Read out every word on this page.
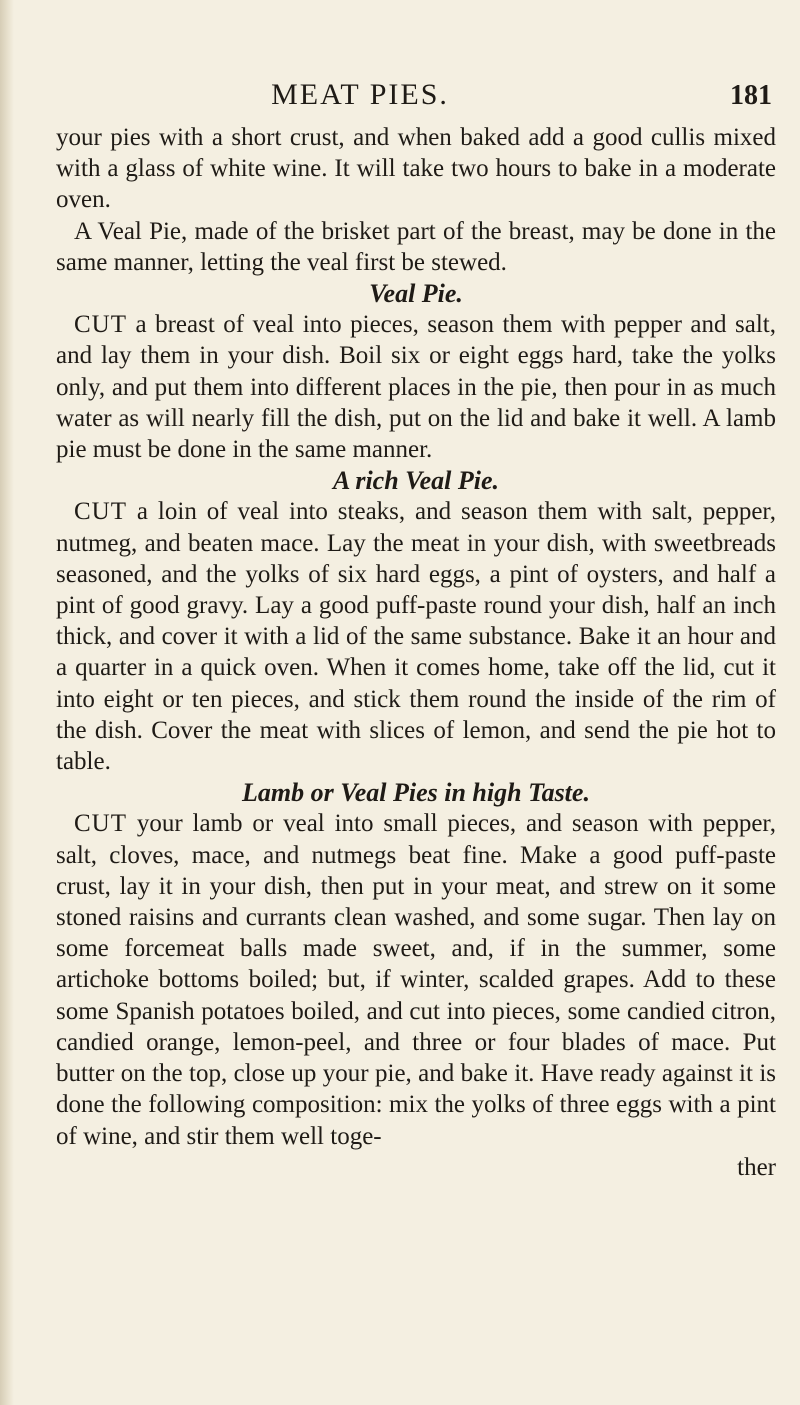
MEAT PIES.	181

your pies with a short crust, and when baked add a good cullis mixed with a glass of white wine. It will take two hours to bake in a moderate oven.

A Veal Pie, made of the brisket part of the breast, may be done in the same manner, letting the veal first be stewed.

Veal Pie.

CUT a breast of veal into pieces, season them with pepper and salt, and lay them in your dish. Boil six or eight eggs hard, take the yolks only, and put them into different places in the pie, then pour in as much water as will nearly fill the dish, put on the lid and bake it well. A lamb pie must be done in the same manner.

A rich Veal Pie.

CUT a loin of veal into steaks, and season them with salt, pepper, nutmeg, and beaten mace. Lay the meat in your dish, with sweetbreads seasoned, and the yolks of six hard eggs, a pint of oysters, and half a pint of good gravy. Lay a good puff-paste round your dish, half an inch thick, and cover it with a lid of the same substance. Bake it an hour and a quarter in a quick oven. When it comes home, take off the lid, cut it into eight or ten pieces, and stick them round the inside of the rim of the dish. Cover the meat with slices of lemon, and send the pie hot to table.

Lamb or Veal Pies in high Taste.

CUT your lamb or veal into small pieces, and season with pepper, salt, cloves, mace, and nutmegs beat fine. Make a good puff-paste crust, lay it in your dish, then put in your meat, and strew on it some stoned raisins and currants clean washed, and some sugar. Then lay on some forcemeat balls made sweet, and, if in the summer, some artichoke bottoms boiled; but, if winter, scalded grapes. Add to these some Spanish potatoes boiled, and cut into pieces, some candied citron, candied orange, lemon-peel, and three or four blades of mace. Put butter on the top, close up your pie, and bake it. Have ready against it is done the following composition: mix the yolks of three eggs with a pint of wine, and stir them well toge-

ther
